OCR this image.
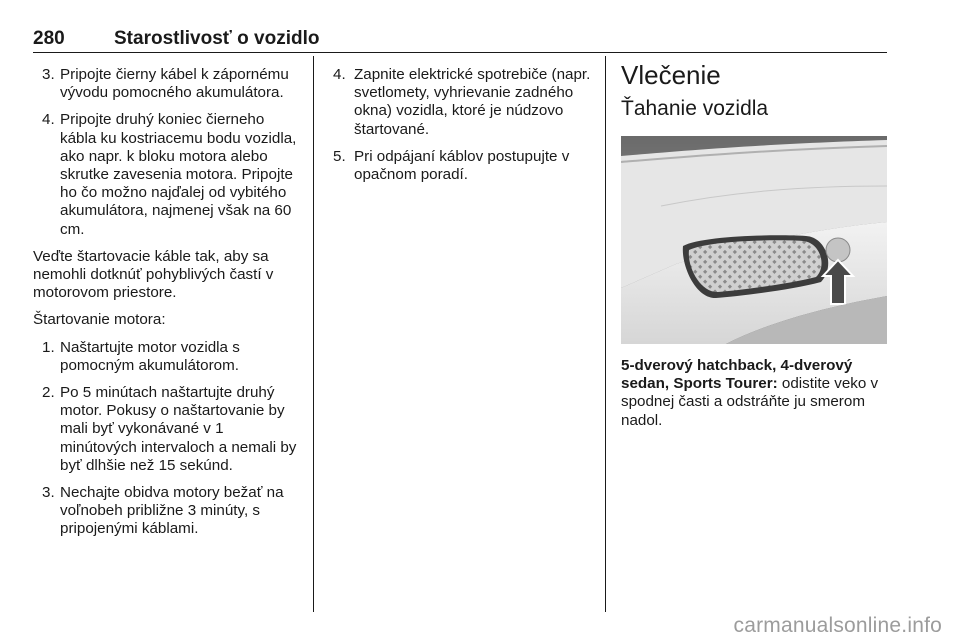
280	Starostlivosť o vozidlo
3. Pripojte čierny kábel k zápornému vývodu pomocného akumulátora.
4. Pripojte druhý koniec čierneho kábla ku kostriacemu bodu vozidla, ako napr. k bloku motora alebo skrutke zavesenia motora. Pripojte ho čo možno najďalej od vybitého akumulátora, najmenej však na 60 cm.

Veďte štartovacie káble tak, aby sa nemohli dotknúť pohyblivých častí v motorovom priestore.

Štartovanie motora:

1. Naštartujte motor vozidla s pomocným akumulátorom.
2. Po 5 minútach naštartujte druhý motor. Pokusy o naštartovanie by mali byť vykonávané v 1 minútových intervaloch a nemali by byť dlhšie než 15 sekúnd.
3. Nechajte obidva motory bežať na voľnobeh približne 3 minúty, s pripojenými káblami.
4. Zapnite elektrické spotrebiče (napr. svetlomety, vyhrievanie zadného okna) vozidla, ktoré je núdzovo štartované.
5. Pri odpájaní káblov postupujte v opačnom poradí.
Vlečenie
Ťahanie vozidla

5-dverový hatchback, 4-dverový sedan, Sports Tourer: odistite veko v spodnej časti a odstráňte ju smerom nadol.

carmanualsonline.info
